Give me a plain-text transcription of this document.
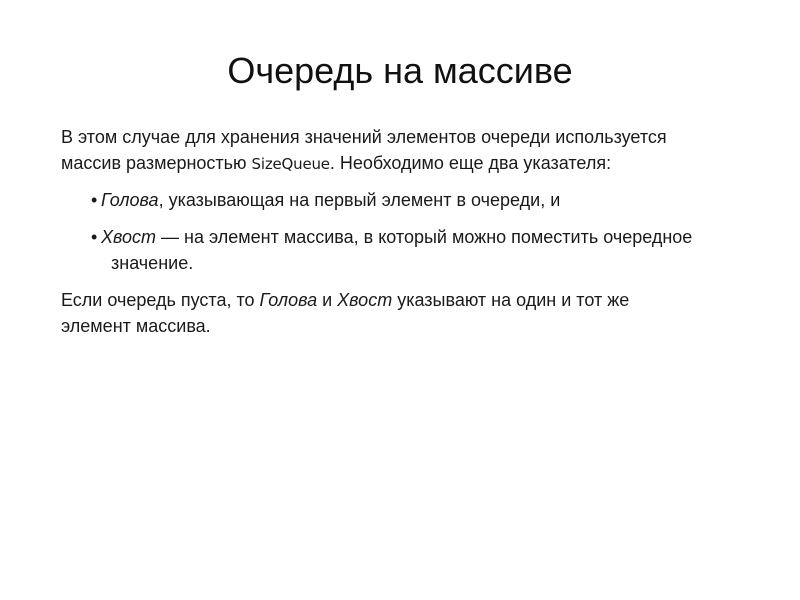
Очередь на массиве

В этом случае для хранения значений элементов очереди используется
массив размерностью SizeQueue. Необходимо еще два указателя:

• Голова, указывающая на первый элемент в очереди, и
• Хвост — на элемент массива, в который можно поместить очередное
значение.

Если очередь пуста, то Голова и Хвост указывают на один и тот же
элемент массива.
